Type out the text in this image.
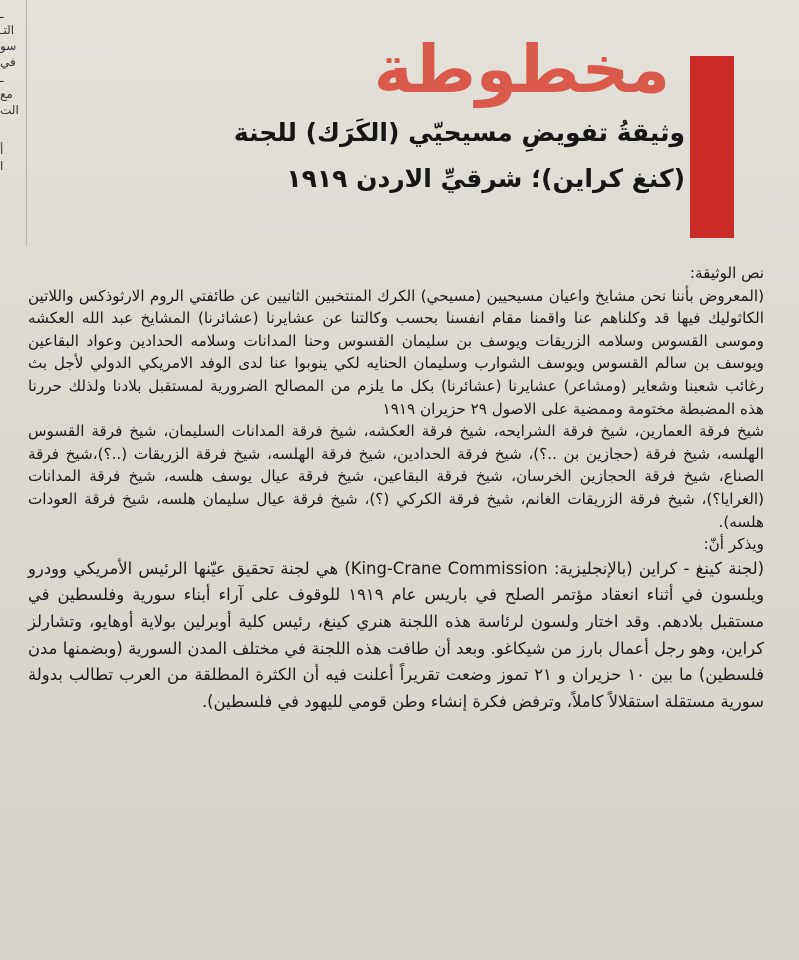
ـ
التـ
سو
في
ـ
مع
الت
أ
ا
مخطوطة
وثيقةُ تفويضِ مسيحيّي (الكَرَك) للجنة
(كنغ كراين)؛ شرقيِّ الاردن ١٩١٩

نص الوثيقة:

(المعروض بأننا نحن مشايخ واعيان مسيحيين (مسيحي) الكرك المنتخبين الثانيين عن طائفتي الروم الارثوذكس واللاتين الكاثوليك فيها قد وكلناهم عنا واقمنا مقام انفسنا بحسب وكالتنا عن عشايرنا (عشائرنا) المشايخ عبد الله العكشه وموسى القسوس وسلامه الزريقات ويوسف بن سليمان القسوس وحنا المدانات وسلامه الحدادين وعواد البقاعين ويوسف بن سالم القسوس ويوسف الشوارب وسليمان الحنايه لكي ينوبوا عنا لدى الوفد الامريكي الدولي لأجل بث رغائب شعبنا وشعاير (ومشاعر) عشايرنا (عشائرنا) بكل ما يلزم من المصالح الضرورية لمستقبل بلادنا ولذلك حررنا هذه المضبطة مختومة وممضية على الاصول ٢٩ حزيران ١٩١٩

شيخ فرقة العمارين، شيخ فرقة الشرايحه، شيخ فرقة العكشه، شيخ فرقة المدانات السليمان، شيخ فرقة القسوس الهلسه، شيخ فرقة (حجازين بن ..؟)، شيخ فرقة الحدادين، شيخ فرقة الهلسه، شيخ فرقة الزريقات (..؟)،شيخ فرقة الصناع، شيخ فرقة الحجازين الخرسان، شيخ فرقة البقاعين، شيخ فرقة عيال يوسف هلسه، شيخ فرقة المدانات (الغرايا؟)، شيخ فرقة الزريقات الغانم، شيخ فرقة الكركي (؟)، شيخ فرقة عيال سليمان هلسه، شيخ فرقة العودات هلسه).

ويذكر أنّ:

(لجنة كينغ - كراين (بالإنجليزية: King-Crane Commission) هي لجنة تحقيق عيّنها الرئيس الأمريكي وودرو ويلسون في أثناء انعقاد مؤتمر الصلح في باريس عام ١٩١٩ للوقوف على آراء أبناء سورية وفلسطين في مستقبل بلادهم. وقد اختار ولسون لرئاسة هذه اللجنة هنري كينغ، رئيس كلية أوبرلين بولاية أوهايو، وتشارلز كراين، وهو رجل أعمال بارز من شيكاغو. وبعد أن طافت هذه اللجنة في مختلف المدن السورية (وبضمنها مدن فلسطين) ما بين ١٠ حزيران و ٢١ تموز وضعت تقريراً أعلنت فيه أن الكثرة المطلقة من العرب تطالب بدولة سورية مستقلة استقلالاً كاملاً، وترفض فكرة إنشاء وطن قومي لليهود في فلسطين).
